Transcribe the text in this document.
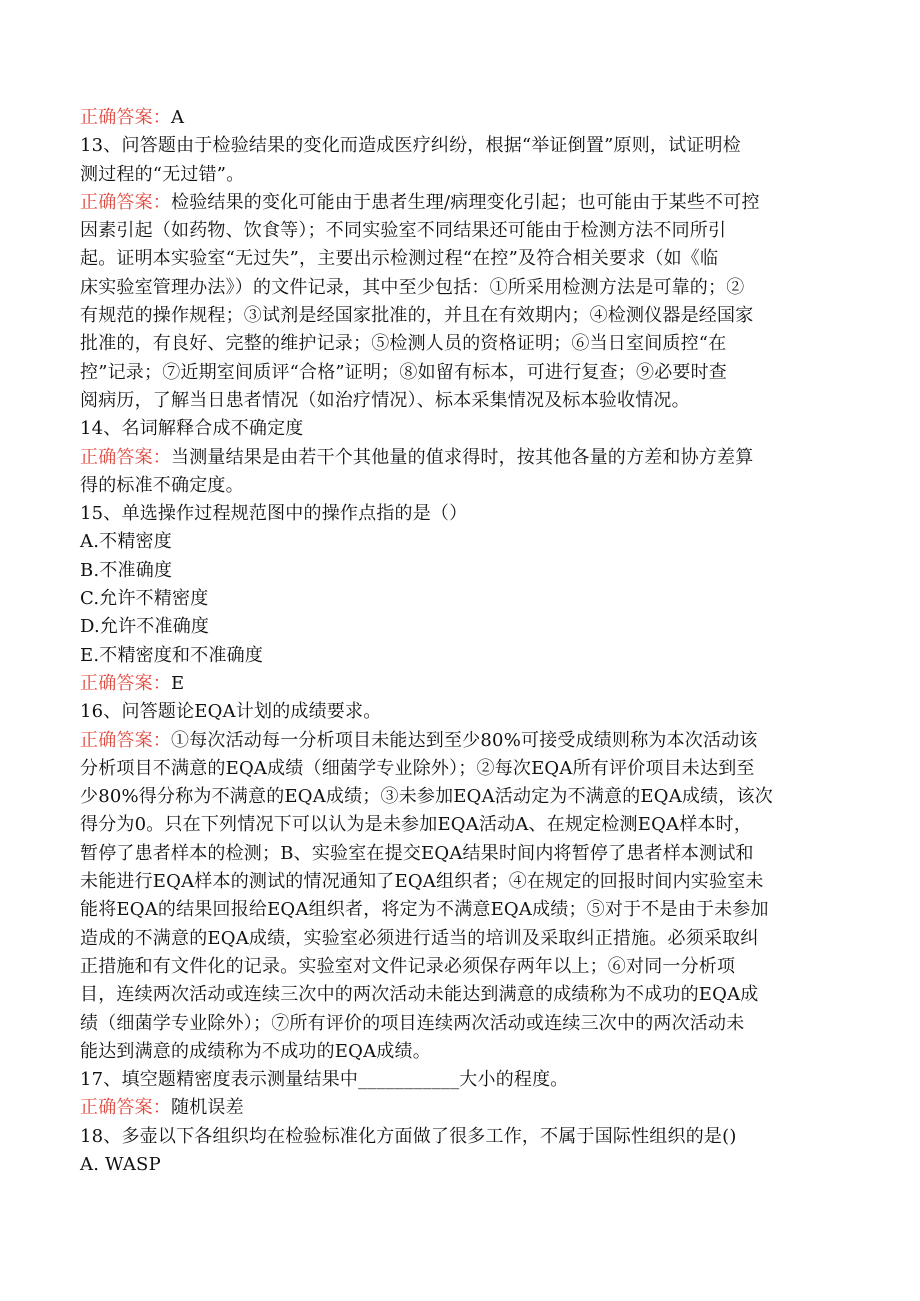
正确答案：A
13、问答题由于检验结果的变化而造成医疗纠纷，根据“举证倒置”原则，试证明检
测过程的“无过错”。
正确答案：检验结果的变化可能由于患者生理/病理变化引起；也可能由于某些不可控
因素引起（如药物、饮食等）；不同实验室不同结果还可能由于检测方法不同所引
起。证明本实验室“无过失”，主要出示检测过程“在控”及符合相关要求（如《临
床实验室管理办法》）的文件记录，其中至少包括：①所采用检测方法是可靠的；②
有规范的操作规程；③试剂是经国家批准的，并且在有效期内；④检测仪器是经国家
批准的，有良好、完整的维护记录；⑤检测人员的资格证明；⑥当日室间质控“在
控”记录；⑦近期室间质评“合格”证明；⑧如留有标本，可进行复查；⑨必要时查
阅病历，了解当日患者情况（如治疗情况）、标本采集情况及标本验收情况。
14、名词解释合成不确定度
正确答案：当测量结果是由若干个其他量的值求得时，按其他各量的方差和协方差算
得的标准不确定度。
15、单选操作过程规范图中的操作点指的是（）
A.不精密度
B.不准确度
C.允许不精密度
D.允许不准确度
E.不精密度和不准确度
正确答案：E
16、问答题论EQA计划的成绩要求。
正确答案：①每次活动每一分析项目未能达到至少80%可接受成绩则称为本次活动该
分析项目不满意的EQA成绩（细菌学专业除外）；②每次EQA所有评价项目未达到至
少80%得分称为不满意的EQA成绩；③未参加EQA活动定为不满意的EQA成绩，该次
得分为0。只在下列情况下可以认为是未参加EQA活动A、在规定检测EQA样本时，
暂停了患者样本的检测；B、实验室在提交EQA结果时间内将暂停了患者样本测试和
未能进行EQA样本的测试的情况通知了EQA组织者；④在规定的回报时间内实验室未
能将EQA的结果回报给EQA组织者，将定为不满意EQA成绩；⑤对于不是由于未参加
造成的不满意的EQA成绩，实验室必须进行适当的培训及采取纠正措施。必须采取纠
正措施和有文件化的记录。实验室对文件记录必须保存两年以上；⑥对同一分析项
目，连续两次活动或连续三次中的两次活动未能达到满意的成绩称为不成功的EQA成
绩（细菌学专业除外）；⑦所有评价的项目连续两次活动或连续三次中的两次活动未
能达到满意的成绩称为不成功的EQA成绩。
17、填空题精密度表示测量结果中___________大小的程度。
正确答案：随机误差
18、多壶以下各组织均在检验标准化方面做了很多工作，不属于国际性组织的是()
A. WASP
